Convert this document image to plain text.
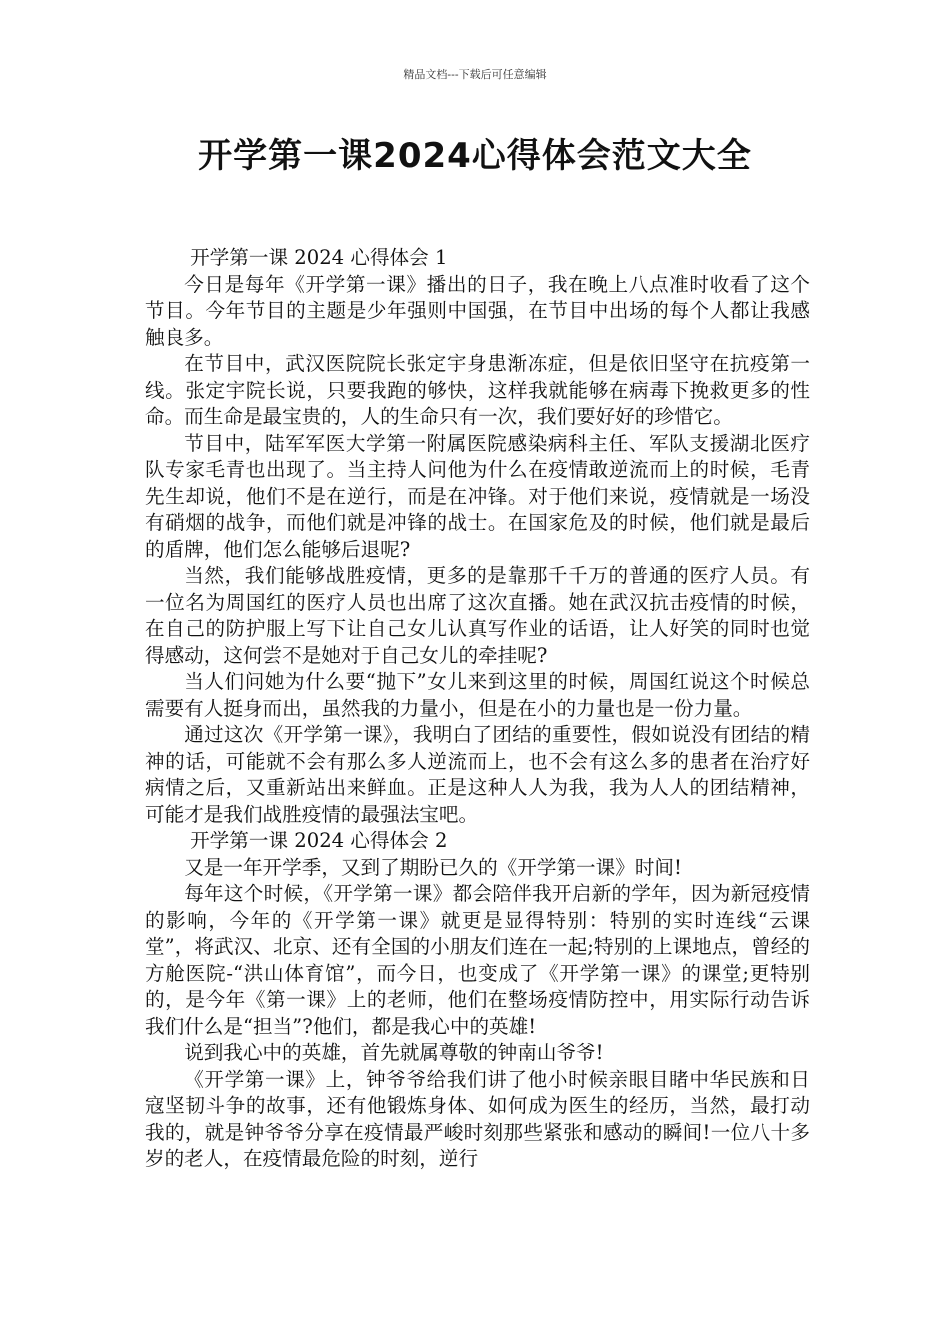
精品文档---下载后可任意编辑
开学第一课2024心得体会范文大全

开学第一课 2024 心得体会 1

今日是每年《开学第一课》播出的日子，我在晚上八点准时收看了这个节目。今年节目的主题是少年强则中国强，在节目中出场的每个人都让我感触良多。

在节目中，武汉医院院长张定宇身患渐冻症，但是依旧坚守在抗疫第一线。张定宇院长说，只要我跑的够快，这样我就能够在病毒下挽救更多的性命。而生命是最宝贵的，人的生命只有一次，我们要好好的珍惜它。

节目中，陆军军医大学第一附属医院感染病科主任、军队支援湖北医疗队专家毛青也出现了。当主持人问他为什么在疫情敢逆流而上的时候，毛青先生却说，他们不是在逆行，而是在冲锋。对于他们来说，疫情就是一场没有硝烟的战争，而他们就是冲锋的战士。在国家危及的时候，他们就是最后的盾牌，他们怎么能够后退呢?

当然，我们能够战胜疫情，更多的是靠那千千万的普通的医疗人员。有一位名为周国红的医疗人员也出席了这次直播。她在武汉抗击疫情的时候，在自己的防护服上写下让自己女儿认真写作业的话语，让人好笑的同时也觉得感动，这何尝不是她对于自己女儿的牵挂呢?

当人们问她为什么要“抛下”女儿来到这里的时候，周国红说这个时候总需要有人挺身而出，虽然我的力量小，但是在小的力量也是一份力量。

通过这次《开学第一课》，我明白了团结的重要性，假如说没有团结的精神的话，可能就不会有那么多人逆流而上，也不会有这么多的患者在治疗好病情之后，又重新站出来鲜血。正是这种人人为我，我为人人的团结精神，可能才是我们战胜疫情的最强法宝吧。

开学第一课 2024 心得体会 2

又是一年开学季，又到了期盼已久的《开学第一课》时间!

每年这个时候，《开学第一课》都会陪伴我开启新的学年，因为新冠疫情的影响，今年的《开学第一课》就更是显得特别：特别的实时连线“云课堂”，将武汉、北京、还有全国的小朋友们连在一起;特别的上课地点，曾经的方舱医院-“洪山体育馆”，而今日，也变成了《开学第一课》的课堂;更特别的，是今年《第一课》上的老师，他们在整场疫情防控中，用实际行动告诉我们什么是“担当”?他们，都是我心中的英雄!

说到我心中的英雄，首先就属尊敬的钟南山爷爷!

《开学第一课》上，钟爷爷给我们讲了他小时候亲眼目睹中华民族和日寇坚韧斗争的故事，还有他锻炼身体、如何成为医生的经历，当然，最打动我的，就是钟爷爷分享在疫情最严峻时刻那些紧张和感动的瞬间!一位八十多岁的老人，在疫情最危险的时刻，逆行
